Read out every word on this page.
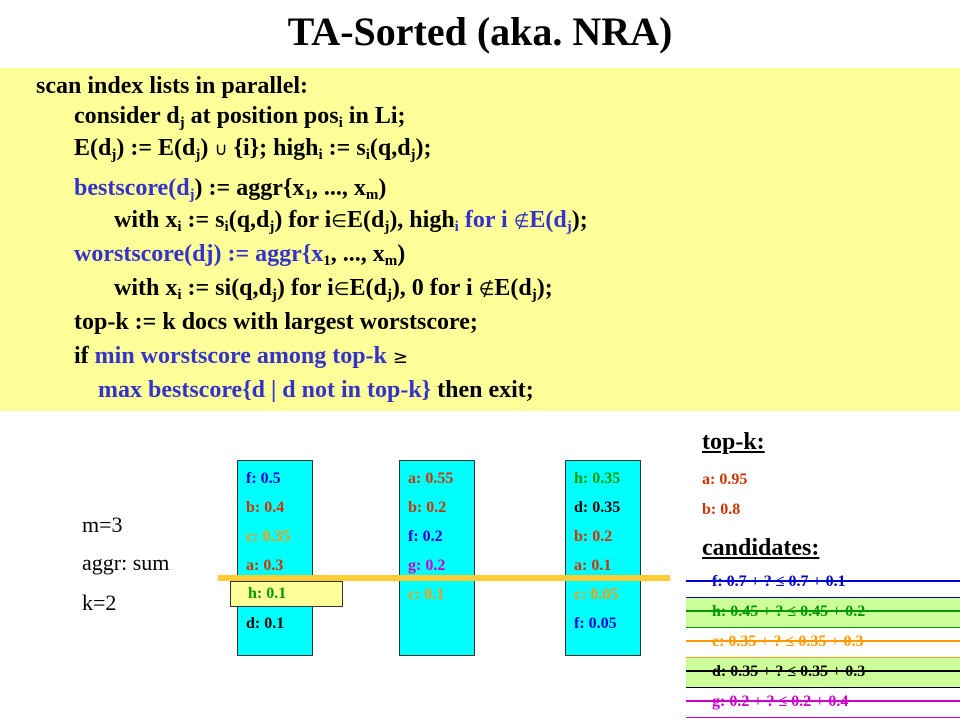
TA-Sorted (aka. NRA)
scan index lists in parallel:
consider $d_j$ at position pos$_i$ in Li;
$E(d_j)$ := $E(d_j)$ ∪ {i}; high$_i$ := $s_i(q,d_j)$;
$bestscore(d_j)$ := $aggr\{x_1$, ..., $x_m$)
with $x_i$ := $s_i(q,d_j)$ for $i\in E(d_j)$, high$_i$ for i $\notin E(d_j)$;
worstscore(dj) := $aggr\{x_1$, ..., $x_m$)
with $x_i$ := $si(q,d_j)$ for $i\in E(d_j)$, 0 for i $\notin E(d_j)$;
top-k := k docs with largest worstscore;
if min worstscore among top-k ≥
max bestscore{d | d not in top-k} then exit;
m=3
aggr: sum
k=2
f: 0.5
b: 0.4
c: 0.35
a: 0.3
d: 0.1
a: 0.55
b: 0.2
f: 0.2
g: 0.2
c: 0.1
h: 0.35
d: 0.35
b: 0.2
a: 0.1
c: 0.05
f: 0.05
h: 0.1
top-k:
a: 0.95
b: 0.8
candidates:
